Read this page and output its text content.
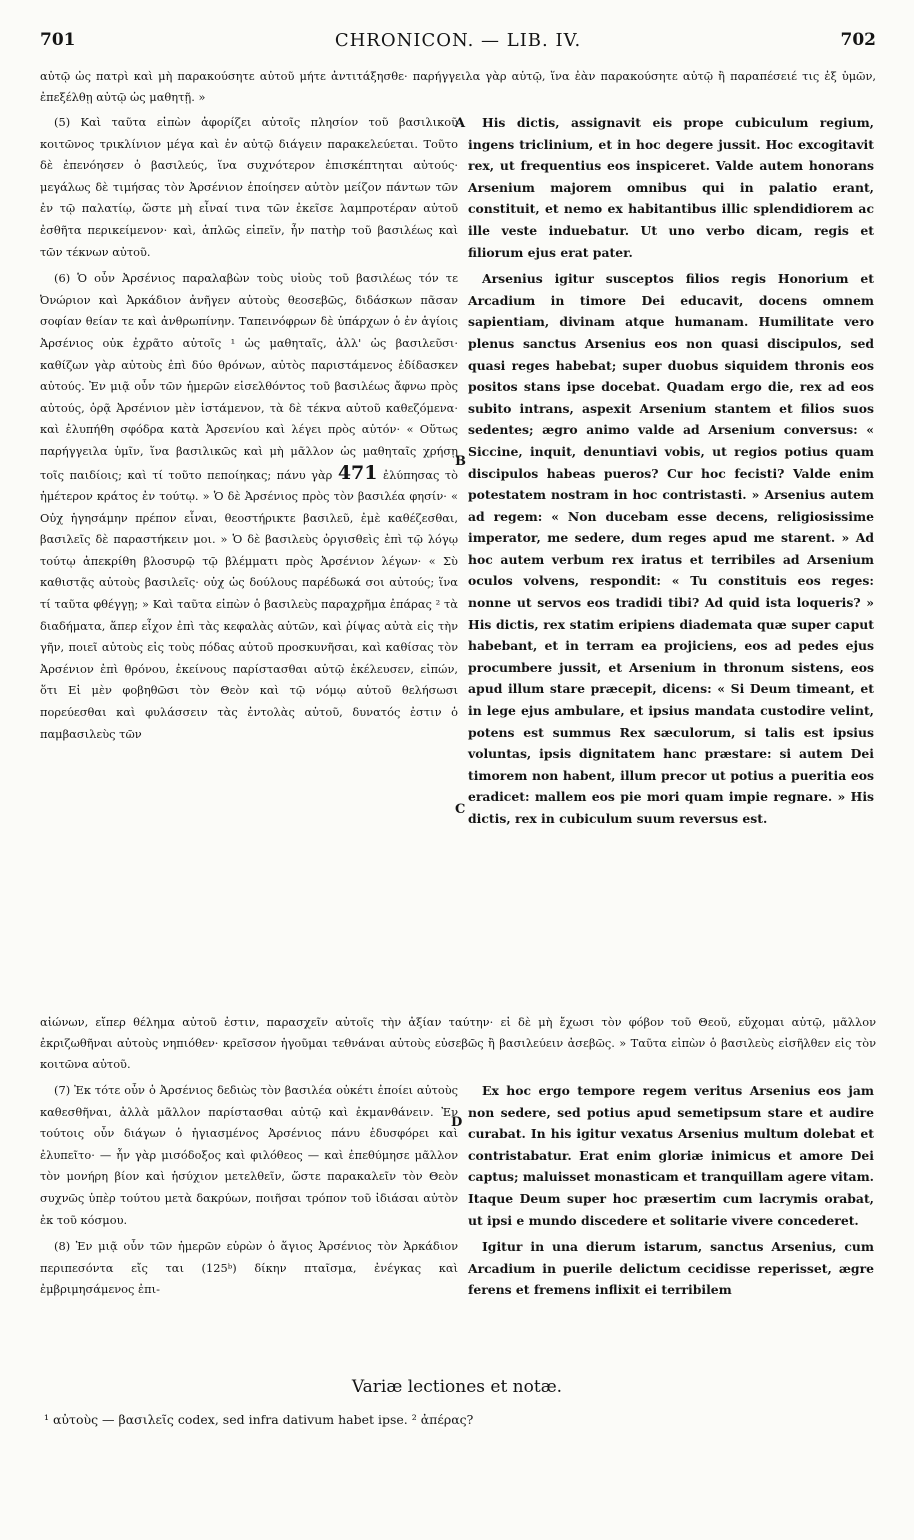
701	CHRONICON. — LIB. IV.	702
αὐτῷ ὡς πατρὶ καὶ μὴ παρακούσητε αὐτοῦ μήτε ἀντιτάξησθε· παρήγγειλα γὰρ αὐτῷ, ἵνα ἐὰν παρακούσητε αὐτῷ ἢ παραπέσειέ τις ἐξ ὑμῶν, ἐπεξέλθῃ αὐτῷ ὡς μαθητῇ. »

(5) Καὶ ταῦτα εἰπὼν ἀφορίζει αὐτοῖς πλησίον τοῦ βασιλικοῦ κοιτῶνος τρικλίνιον μέγα καὶ ἐν αὐτῷ διάγειν παρακελεύεται. Τοῦτο δὲ ἐπενόησεν ὁ βασιλεύς, ἵνα συχνότερον ἐπισκέπτηται αὐτούς· μεγάλως δὲ τιμήσας τὸν Ἀρσένιον ἐποίησεν αὐτὸν μείζον πάντων τῶν ἐν τῷ παλατίῳ, ὥστε μὴ εἶναί τινα τῶν ἐκεῖσε λαμπροτέραν αὐτοῦ ἐσθῆτα περικείμενον· καὶ, ἁπλῶς εἰπεῖν, ἦν πατὴρ τοῦ βασιλέως καὶ τῶν τέκνων αὐτοῦ.

(6) Ὁ οὖν Ἀρσένιος παραλαβὼν τοὺς υἱοὺς τοῦ βασιλέως τόν τε Ὀνώριον καὶ Ἀρκάδιον ἀνῆγεν αὐτοὺς θεοσεβῶς, διδάσκων πᾶσαν σοφίαν θείαν τε καὶ ἀνθρωπίνην. Ταπεινόφρων δὲ ὑπάρχων ὁ ἐν ἁγίοις Ἀρσένιος οὐκ ἐχρᾶτο αὐτοῖς ¹ ὡς μαθηταῖς, ἀλλ' ὡς βασιλεῦσι· καθίζων γὰρ αὐτοὺς ἐπὶ δύο θρόνων, αὐτὸς παριστάμενος ἐδίδασκεν αὐτούς. Ἐν μιᾷ οὖν τῶν ἡμερῶν εἰσελθόντος τοῦ βασιλέως ἄφνω πρὸς αὐτούς, ὁρᾷ Ἀρσένιον μὲν ἱστάμενον, τὰ δὲ τέκνα αὐτοῦ καθεζόμενα· καὶ ἐλυπήθη σφόδρα κατὰ Ἀρσενίου καὶ λέγει πρὸς αὐτόν· « Οὕτως παρήγγειλα ὑμῖν, ἵνα βασιλικῶς καὶ μὴ μᾶλλον ὡς μαθηταῖς χρήσῃ τοῖς παιδίοις; καὶ τί τοῦτο πεποίηκας; πάνυ γὰρ 471 ἐλύπησας τὸ ἡμέτερον κράτος ἐν τούτῳ. » Ὁ δὲ Ἀρσένιος πρὸς τὸν βασιλέα φησίν· « Οὐχ ἡγησάμην πρέπον εἶναι, θεοστήρικτε βασιλεῦ, ἐμὲ καθέζεσθαι, βασιλεῖς δὲ παραστήκειν μοι. » Ὁ δὲ βασιλεὺς ὀργισθεὶς ἐπὶ τῷ λόγῳ τούτῳ ἀπεκρίθη βλοσυρῷ τῷ βλέμματι πρὸς Ἀρσένιον λέγων· « Σὺ καθιστᾷς αὐτοὺς βασιλεῖς· οὐχ ὡς δούλους παρέδωκά σοι αὐτούς; ἵνα τί ταῦτα φθέγγῃ; » Καὶ ταῦτα εἰπὼν ὁ βασιλεὺς παραχρῆμα ἐπάρας ² τὰ διαδήματα, ἅπερ εἶχον ἐπὶ τὰς κεφαλὰς αὐτῶν, καὶ ῥίψας αὐτὰ εἰς τὴν γῆν, ποιεῖ αὐτοὺς εἰς τοὺς πόδας αὐτοῦ προσκυνῆσαι, καὶ καθίσας τὸν Ἀρσένιον ἐπὶ θρόνου, ἐκείνους παρίστασθαι αὐτῷ ἐκέλευσεν, εἰπών, ὅτι Εἰ μὲν φοβηθῶσι τὸν Θεὸν καὶ τῷ νόμῳ αὐτοῦ θελήσωσι πορεύεσθαι καὶ φυλάσσειν τὰς ἐντολὰς αὐτοῦ, δυνατός ἐστιν ὁ παμβασιλεὺς τῶν

His dictis, assignavit eis prope cubiculum regium, ingens triclinium, et in hoc degere jussit. Hoc excogitavit rex, ut frequentius eos inspiceret. Valde autem honorans Arsenium majorem omnibus qui in palatio erant, constituit, et nemo ex habitantibus illic splendidiorem ac ille veste induebatur. Ut uno verbo dicam, regis et filiorum ejus erat pater.

Arsenius igitur susceptos filios regis Honorium et Arcadium in timore Dei educavit, docens omnem sapientiam, divinam atque humanam. Humilitate vero plenus sanctus Arsenius eos non quasi discipulos, sed quasi reges habebat; super duobus siquidem thronis eos positos stans ipse docebat. Quadam ergo die, rex ad eos subito intrans, aspexit Arsenium stantem et filios suos sedentes; ægro animo valde ad Arsenium conversus: « Siccine, inquit, denuntiavi vobis, ut regios potius quam discipulos habeas pueros? Cur hoc fecisti? Valde enim potestatem nostram in hoc contristasti. » Arsenius autem ad regem: « Non ducebam esse decens, religiosissime imperator, me sedere, dum reges apud me starent. » Ad hoc autem verbum rex iratus et terribiles ad Arsenium oculos volvens, respondit: « Tu constituis eos reges: nonne ut servos eos tradidi tibi? Ad quid ista loqueris? » His dictis, rex statim eripiens diademata quæ super caput habebant, et in terram ea projiciens, eos ad pedes ejus procumbere jussit, et Arsenium in thronum sistens, eos apud illum stare præcepit, dicens: « Si Deum timeant, et in lege ejus ambulare, et ipsius mandata custodire velint, potens est summus Rex sæculorum, si talis est ipsius voluntas, ipsis dignitatem hanc præstare: si autem Dei timorem non habent, illum precor ut potius a pueritia eos eradicet: mallem eos pie mori quam impie regnare. » His dictis, rex in cubiculum suum reversus est.

A
B
C
αἰώνων, εἴπερ θέλημα αὐτοῦ ἐστιν, παρασχεῖν αὐτοῖς τὴν ἀξίαν ταύτην· εἰ δὲ μὴ ἔχωσι τὸν φόβον τοῦ Θεοῦ, εὔχομαι αὐτῷ, μᾶλλον ἐκριζωθῆναι αὐτοὺς νηπιόθεν· κρεῖσσον ἡγοῦμαι τεθνάναι αὐτοὺς εὐσεβῶς ἢ βασιλεύειν ἀσεβῶς. » Ταῦτα εἰπὼν ὁ βασιλεὺς εἰσῆλθεν εἰς τὸν κοιτῶνα αὐτοῦ.

(7) Ἐκ τότε οὖν ὁ Ἀρσένιος δεδιὼς τὸν βασιλέα οὐκέτι ἐποίει αὐτοὺς καθεσθῆναι, ἀλλὰ μᾶλλον παρίστασθαι αὐτῷ καὶ ἐκμανθάνειν. Ἐν τούτοις οὖν διάγων ὁ ἡγιασμένος Ἀρσένιος πάνυ ἐδυσφόρει καὶ ἐλυπεῖτο· — ἦν γὰρ μισόδοξος καὶ φιλόθεος — καὶ ἐπεθύμησε μᾶλλον τὸν μονήρη βίον καὶ ἡσύχιον μετελθεῖν, ὥστε παρακαλεῖν τὸν Θεὸν συχνῶς ὑπὲρ τούτου μετὰ δακρύων, ποιῆσαι τρόπον τοῦ ἰδιάσαι αὐτὸν ἐκ τοῦ κόσμου.

(8) Ἐν μιᾷ οὖν τῶν ἡμερῶν εὑρὼν ὁ ἅγιος Ἀρσένιος τὸν Ἀρκάδιον περιπεσόντα εἴς ται (125ᵇ) δίκην πταῖσμα, ἐνέγκας καὶ ἐμβριμησάμενος ἐπι-

Ex hoc ergo tempore regem veritus Arsenius eos jam non sedere, sed potius apud semetipsum stare et audire curabat. In his igitur vexatus Arsenius multum dolebat et contristabatur. Erat enim gloriæ inimicus et amore Dei captus; maluisset monasticam et tranquillam agere vitam. Itaque Deum super hoc præsertim cum lacrymis orabat, ut ipsi e mundo discedere et solitarie vivere concederet.

Igitur in una dierum istarum, sanctus Arsenius, cum Arcadium in puerile delictum cecidisse reperisset, ægre ferens et fremens inflixit ei terribilem

D
Variæ lectiones et notæ.
¹ αὐτοὺς — βασιλεῖς codex, sed infra dativum habet ipse. ² ἀπέρας?
